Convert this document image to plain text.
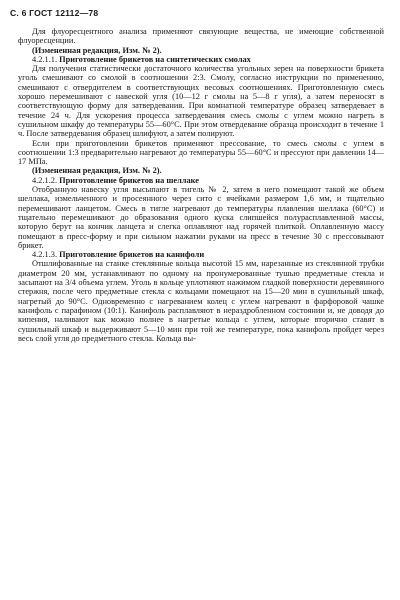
С. 6 ГОСТ 12112—78

Для флуоресцентного анализа применяют связующие вещества, не имеющие собственной флуоресценции.

(Измененная редакция, Изм. № 2).

4.2.1.1. Приготовление брикетов на синтетических смолах

Для получения статистически достаточного количества угольных зерен на поверхности брикета уголь смешивают со смолой в соотношении 2:3. Смолу, согласно инструкции по применению, смешивают с отвердителем в соответствующих весовых соотношениях. Приготовленную смесь хорошо перемешивают с навеской угля (10—12 г смолы на 5—8 г угля), а затем переносят в соответствующую форму для затвердевания. При комнатной температуре образец затвердевает в течение 24 ч. Для ускорения процесса затвердевания смесь смолы с углем можно нагреть в сушильном шкафу до температуры 55—60°С. При этом отвердевание образца происходит в течение 1 ч. После затвердевания образец шлифуют, а затем полируют.

Если при приготовлении брикетов применяют прессование, то смесь смолы с углем в соотношении 1:3 предварительно нагревают до температуры 55—60°С и прессуют при давлении 14—17 МПа.

(Измененная редакция, Изм. № 2).

4.2.1.2. Приготовление брикетов на шеллаке

Отобранную навеску угля высыпают в тигель № 2, затем в него помещают такой же объем шеллака, измельченного и просеянного через сито с ячейками размером 1,6 мм, и тщательно перемешивают ланцетом. Смесь в тигле нагревают до температуры плавления шеллака (60°С) и тщательно перемешивают до образования одного куска слипшейся полурасплавленной массы, которую берут на кончик ланцета и слегка оплавляют над горячей плиткой. Оплавленную массу помещают в пресс-форму и при сильном нажатии руками на пресс в течение 30 с прессовывают брикет.

4.2.1.3. Приготовление брикетов на канифоли

Отшлифованные на станке стеклянные кольца высотой 15 мм, нарезанные из стеклянной трубки диаметром 20 мм, устанавливают по одному на пронумерованные тушью предметные стекла и засыпают на 3/4 объема углем. Уголь в кольце уплотняют нажимом гладкой поверхности деревянного стержня, после чего предметные стекла с кольцами помещают на 15—20 мин в сушильный шкаф, нагретый до 90°С. Одновременно с нагреванием колец с углем нагревают в фарфоровой чашке канифоль с парафином (10:1). Канифоль расплавляют в нераздробленном состоянии и, не доводя до кипения, наливают как можно полнее в нагретые кольца с углем, которые вторично ставят в сушильный шкаф и выдерживают 5—10 мин при той же температуре, пока канифоль пройдет через весь слой угля до предметного стекла. Кольца вы-
